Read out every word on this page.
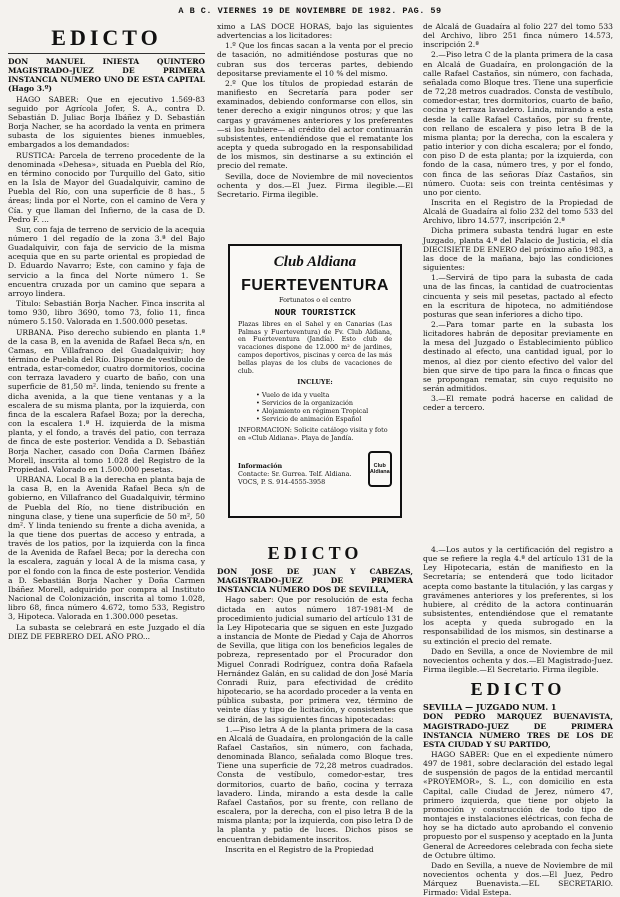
A B C. VIERNES 19 DE NOVIEMBRE DE 1982. PAG. 59
EDICTO

DON MANUEL INIESTA QUINTERO MAGISTRADO-JUEZ DE PRIMERA INSTANCIA NUMERO UNO DE ESTA CAPITAL (Hago 3.º)

HAGO SABER: Que en ejecutivo 1.569-83 seguido por Agrícola Jofer, S. A., contra D. Sebastián D. Juliac Borja Ibáñez y D. Sebastián Borja Nacher, se ha acordado la venta en primera subasta de los siguientes bienes inmuebles, embargados a los demandados:

RUSTICA: Parcela de terreno procedente de la denominada «Dehesa», situada en Puebla del Río, en término conocido por Turquillo del Gato, sitio en la Isla de Mayor del Guadalquivir, camino de Puebla del Río, con una superficie de 8 has., 5 áreas; linda por el Norte, con el camino de Vera y Cía. y que llaman del Infierno, de la casa de D. Pedro F. ...

Sur, con faja de terreno de servicio de la acequia número 1 del regadío de la zona 3.ª del Bajo Guadalquivir, con faja de servicio de la misma acequia que en su parte oriental es propiedad de D. Eduardo Navarro; Este, con camino y faja de servicio a la finca del Norte número 1. Se encuentra cruzada por un camino que separa a arroyo lindera.

Título: Sebastián Borja Nacher. Finca inscrita al tomo 930, libro 3690, tomo 73, folio 11, finca número 5.150. Valorada en 1.500.000 pesetas.

URBANA. Piso derecho subiendo en planta 1.ª de la casa B, en la avenida de Rafael Beca s/n, en Camas, en Villafranco del Guadalquivir; hoy término de Puebla del Río. Dispone de vestíbulo de entrada, estar-comedor, cuatro dormitorios, cocina con terraza lavadero y cuarto de baño, con una superficie de 81,50 m². linda, teniendo su frente a dicha avenida, a la que tiene ventanas y a la escalera de su misma planta, por la izquierda, con finca de la escalera Rafael Boza; por la derecha, con la escalera 1.ª H. izquierda de la misma planta, y el fondo, a través del patio, con terraza de finca de este posterior. Vendida a D. Sebastián Borja Nacher, casado con Doña Carmen Ibáñez Morell, inscrita al tomo 1.028 del Registro de la Propiedad. Valorado en 1.500.000 pesetas.

URBANA. Local B a la derecha en planta baja de la casa B, en la Avenida Rafael Beca s/n de gobierno, en Villafranco del Guadalquivir, término de Puebla del Río, no tiene distribución en ninguna clase, y tiene una superficie de 50 m², 50 dm². Y linda teniendo su frente a dicha avenida, a la que tiene dos puertas de acceso y entrada, a través de los patios, por la izquierda con la finca de la Avenida de Rafael Beca; por la derecha con la escalera, zaguán y local A de la misma casa, y por el fondo con la finca de este posterior. Vendida a D. Sebastián Borja Nacher y Doña Carmen Ibáñez Morell, adquirido por compra al Instituto Nacional de Colonización, inscrita al tomo 1.028, libro 68, finca número 4.672, tomo 533, Registro 3, Hipoteca. Valorada en 1.300.000 pesetas.

La subasta se celebrará en este Juzgado el día DIEZ DE FEBRERO DEL AÑO PRO...

ximo a LAS DOCE HORAS, bajo las siguientes advertencias a los licitadores:

1.º Que los fincas sacan a la venta por el precio de tasación, no admitiéndose posturas que no cubran sus dos terceras partes, debiendo depositarse previamente el 10 % del mismo.

2.º Que los títulos de propiedad estarán de manifiesto en Secretaría para poder ser examinados, debiendo conformarse con ellos, sin tener derecho a exigir ningunos otros; y que las cargas y gravámenes anteriores y los preferentes —si los hubiere— al crédito del actor continuarán subsistentes, entendiéndose que el rematante los acepta y queda subrogado en la responsabilidad de los mismos, sin destinarse a su extinción el precio del remate.

Sevilla, doce de Noviembre de mil novecientos ochenta y dos.—El Juez. Firma ilegible.—El Secretario. Firma ilegible.

Club Aldiana
FUERTEVENTURA
Fortunatos o el centro
NOUR TOURISTICK
Plazas libres en el Sahel y en Canarias (Las Palmas y Fuerteventura) de Fv. Club Aldiana, en Fuerteventura (Jandía). Esto club de vacaciones dispone de 12.000 m² de jardines, campos deportivos, piscinas y cerca de las más bellas playas de los clubs de vacaciones de club.
INCLUYE:
• Vuelo de ida y vuelta
• Servicios de la organización
• Alojamiento en régimen Tropical
• Servicio de animación Español
INFORMACION: Solicite catálogo visita y foto en «Club Aldiana». Playa de Jandía.
Información
Contacte: Sr. Gurrea. Telf. Aldiana. VOCS, P. S. 914-4555-3958
Club Aldiana
EDICTO

DON JOSE DE JUAN Y CABEZAS, MAGISTRADO-JUEZ DE PRIMERA INSTANCIA NUMERO DOS DE SEVILLA,

Hago saber: Que por resolución de esta fecha dictada en autos número 187-1981-M de procedimiento judicial sumario del artículo 131 de la Ley Hipotecaria que se siguen en este Juzgado a instancia de Monte de Piedad y Caja de Ahorros de Sevilla, que litiga con los beneficios legales de pobreza, representado por el Procurador don Miguel Conradi Rodríguez, contra doña Rafaela Hernández Galán, en su calidad de don José María Conradi Ruiz, para efectividad de crédito hipotecario, se ha acordado proceder a la venta en pública subasta, por primera vez, término de veinte días y tipo de licitación, y consistentes que se dirán, de las siguientes fincas hipotecadas:

1.—Piso letra A de la planta primera de la casa en Alcalá de Guadaíra, en prolongación de la calle Rafael Castaños, sin número, con fachada, denominada Blanco, señalada como Bloque tres. Tiene una superficie de 72,28 metros cuadrados. Consta de vestíbulo, comedor-estar, tres dormitorios, cuarto de baño, cocina y terraza lavadero. Linda, mirando a esta desde la calle Rafael Castaños, por su frente, con rellano de escalera, por la derecha, con el piso letra B de la misma planta; por la izquierda, con piso letra D de la planta y patio de luces. Dichos pisos se encuentran debidamente inscritos.

Inscrita en el Registro de la Propiedad

de Alcalá de Guadaíra al folio 227 del tomo 533 del Archivo, libro 251 finca número 14.573, inscripción 2.ª

2.—Piso letra C de la planta primera de la casa en Alcalá de Guadaíra, en prolongación de la calle Rafael Castaños, sin número, con fachada, señalada como Bloque tres. Tiene una superficie de 72,28 metros cuadrados. Consta de vestíbulo, comedor-estar, tres dormitorios, cuarto de baño, cocina y terraza lavadero. Linda, mirando a esta desde la calle Rafael Castaños, por su frente, con rellano de escalera y piso letra B de la misma planta; por la derecha, con la escalera y patio interior y con dicha escalera; por el fondo, con piso D de esta planta; por la izquierda, con fondo de la casa, número tres, y por el fondo, con finca de las señoras Díaz Castaños, sin número. Cuota: seis con treinta centésimas y uno por ciento.

Inscrita en el Registro de la Propiedad de Alcalá de Guadaíra al folio 232 del tomo 533 del Archivo, libro 14.577, inscripción 2.ª

Dicha primera subasta tendrá lugar en este Juzgado, planta 4.ª del Palacio de Justicia, el día DIECISIETE DE ENERO del próximo año 1983, a las doce de la mañana, bajo las condiciones siguientes:

1.—Servirá de tipo para la subasta de cada una de las fincas, la cantidad de cuatrocientas cincuenta y seis mil pesetas, pactado al efecto en la escritura de hipoteca, no admitiéndose posturas que sean inferiores a dicho tipo.

2.—Para tomar parte en la subasta los licitadores habrán de depositar previamente en la mesa del Juzgado o Establecimiento público destinado al efecto, una cantidad igual, por lo menos, al diez por ciento efectivo del valor del bien que sirve de tipo para la finca o fincas que se propongan rematar, sin cuyo requisito no serán admitidos.

3.—El remate podrá hacerse en calidad de ceder a tercero.

4.—Los autos y la certificación del registro a que se refiere la regla 4.ª del artículo 131 de la Ley Hipotecaria, están de manifiesto en la Secretaría; se entenderá que todo licitador acepta como bastante la titulación, y las cargas y gravámenes anteriores y los preferentes, si los hubiere, al crédito de la actora continuarán subsistentes, entendiéndose que el rematante los acepta y queda subrogado en la responsabilidad de los mismos, sin destinarse a su extinción el precio del remate.

Dado en Sevilla, a once de Noviembre de mil novecientos ochenta y dos.—El Magistrado-Juez. Firma ilegible.—El Secretario. Firma ilegible.

EDICTO
SEVILLA — JUZGADO NUM. 1

DON PEDRO MARQUEZ BUENAVISTA, MAGISTRADO-JUEZ DE PRIMERA INSTANCIA NUMERO TRES DE LOS DE ESTA CIUDAD Y SU PARTIDO,

HAGO SABER: Que en el expediente número 497 de 1981, sobre declaración del estado legal de suspensión de pagos de la entidad mercantil «PROYEMOR», S. L., con domicilio en esta Capital, calle Ciudad de Jerez, número 47, primero izquierda, que tiene por objeto la promoción y construcción de todo tipo de montajes e instalaciones eléctricas, con fecha de hoy se ha dictado auto aprobando el convenio propuesto por el suspenso y aceptado en la Junta General de Acreedores celebrada con fecha siete de Octubre último.

Dado en Sevilla, a nueve de Noviembre de mil novecientos ochenta y dos.—El Juez, Pedro Márquez Buenavista.—EL SECRETARIO. Firmado: Vidal Estepa.
